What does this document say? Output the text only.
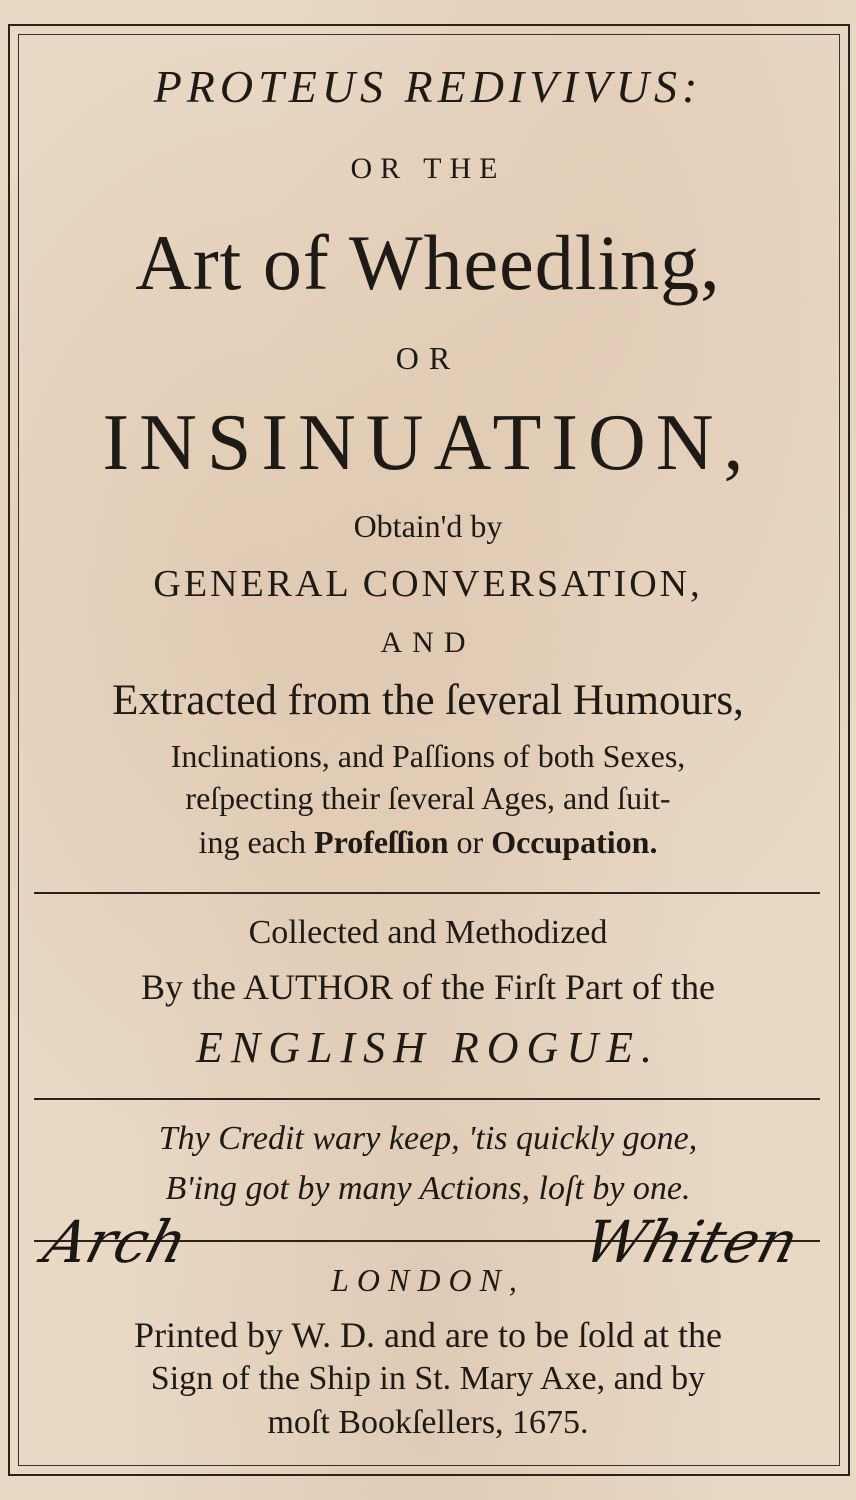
PROTEUS REDIVIVUS:
OR THE
Art of Wheedling,
OR
INSINUATION,
Obtain'd by
GENERAL CONVERSATION,
AND
Extracted from the ſeveral Humours,
Inclinations, and Paſſions of both Sexes,
reſpecting their ſeveral Ages, and ſuit-
ing each Profeſſion or Occupation.
Collected and Methodized
By the AUTHOR of the Firſt Part of the
ENGLISH ROGUE.
Thy Credit wary keep, 'tis quickly gone,
B'ing got by many Actions, loſt by one.
Arch	Whiten
LONDON,
Printed by W. D. and are to be ſold at the
Sign of the Ship in St. Mary Axe, and by
moſt Bookſellers, 1675.
